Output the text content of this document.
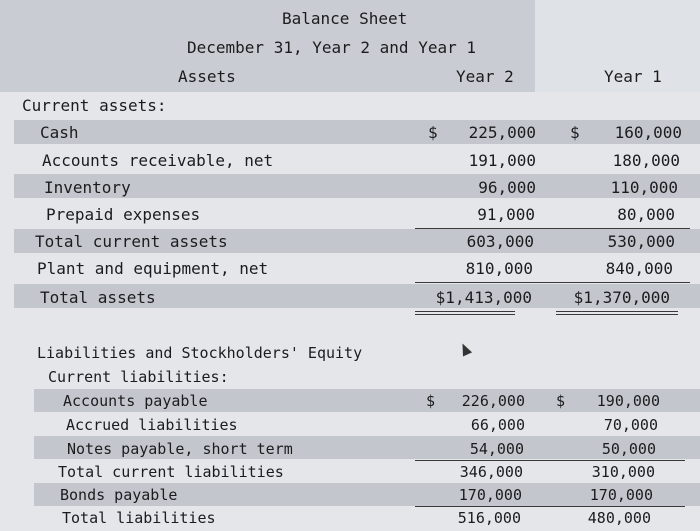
Balance Sheet
December 31, Year 2 and Year 1
Assets	Year 2	Year 1
Current assets:
Cash	$	225,000 $	160,000
Accounts receivable, net	191,000	180,000
Inventory	96,000	110,000
Prepaid expenses	91,000	80,000
Total current assets	603,000	530,000
Plant and equipment, net	810,000	840,000
Total assets	$1,413,000	$1,370,000
Liabilities and Stockholders' Equity
Current liabilities:
Accounts payable	$	226,000 $	190,000
Accrued liabilities	66,000	70,000
Notes payable, short term	54,000	50,000
Total current liabilities	346,000	310,000
Bonds payable	170,000	170,000
Total liabilities	516,000	480,000
